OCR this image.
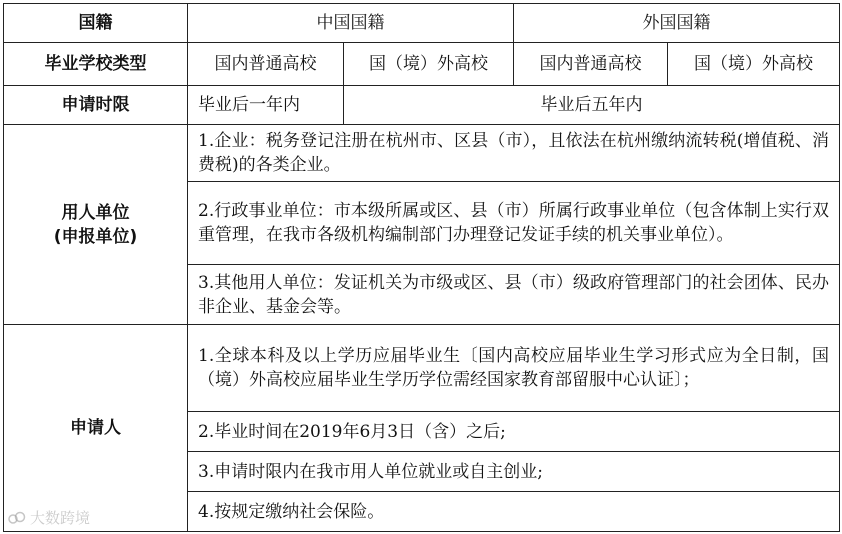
国籍	中国国籍		外国国籍	
毕业学校类型	国内普通高校	国（境）外高校	国内普通高校	国（境）外高校
申请时限	毕业后一年内	毕业后五年内		

用人单位
(申报单位)	1.企业：税务登记注册在杭州市、区县（市），且依法在杭州缴纳流转税(增值税、消费税)的各类企业。			
	2.行政事业单位：市本级所属或区、县（市）所属行政事业单位（包含体制上实行双重管理，在我市各级机构编制部门办理登记发证手续的机关事业单位）。			
	3.其他用人单位：发证机关为市级或区、县（市）级政府管理部门的社会团体、民办非企业、基金会等。			
申请人	1.全球本科及以上学历应届毕业生〔国内高校应届毕业生学习形式应为全日制，国（境）外高校应届毕业生学历学位需经国家教育部留服中心认证〕；			
	2.毕业时间在2019年6月3日（含）之后;			
	3.申请时限内在我市用人单位就业或自主创业;			
	4.按规定缴纳社会保险。			
大数跨境
